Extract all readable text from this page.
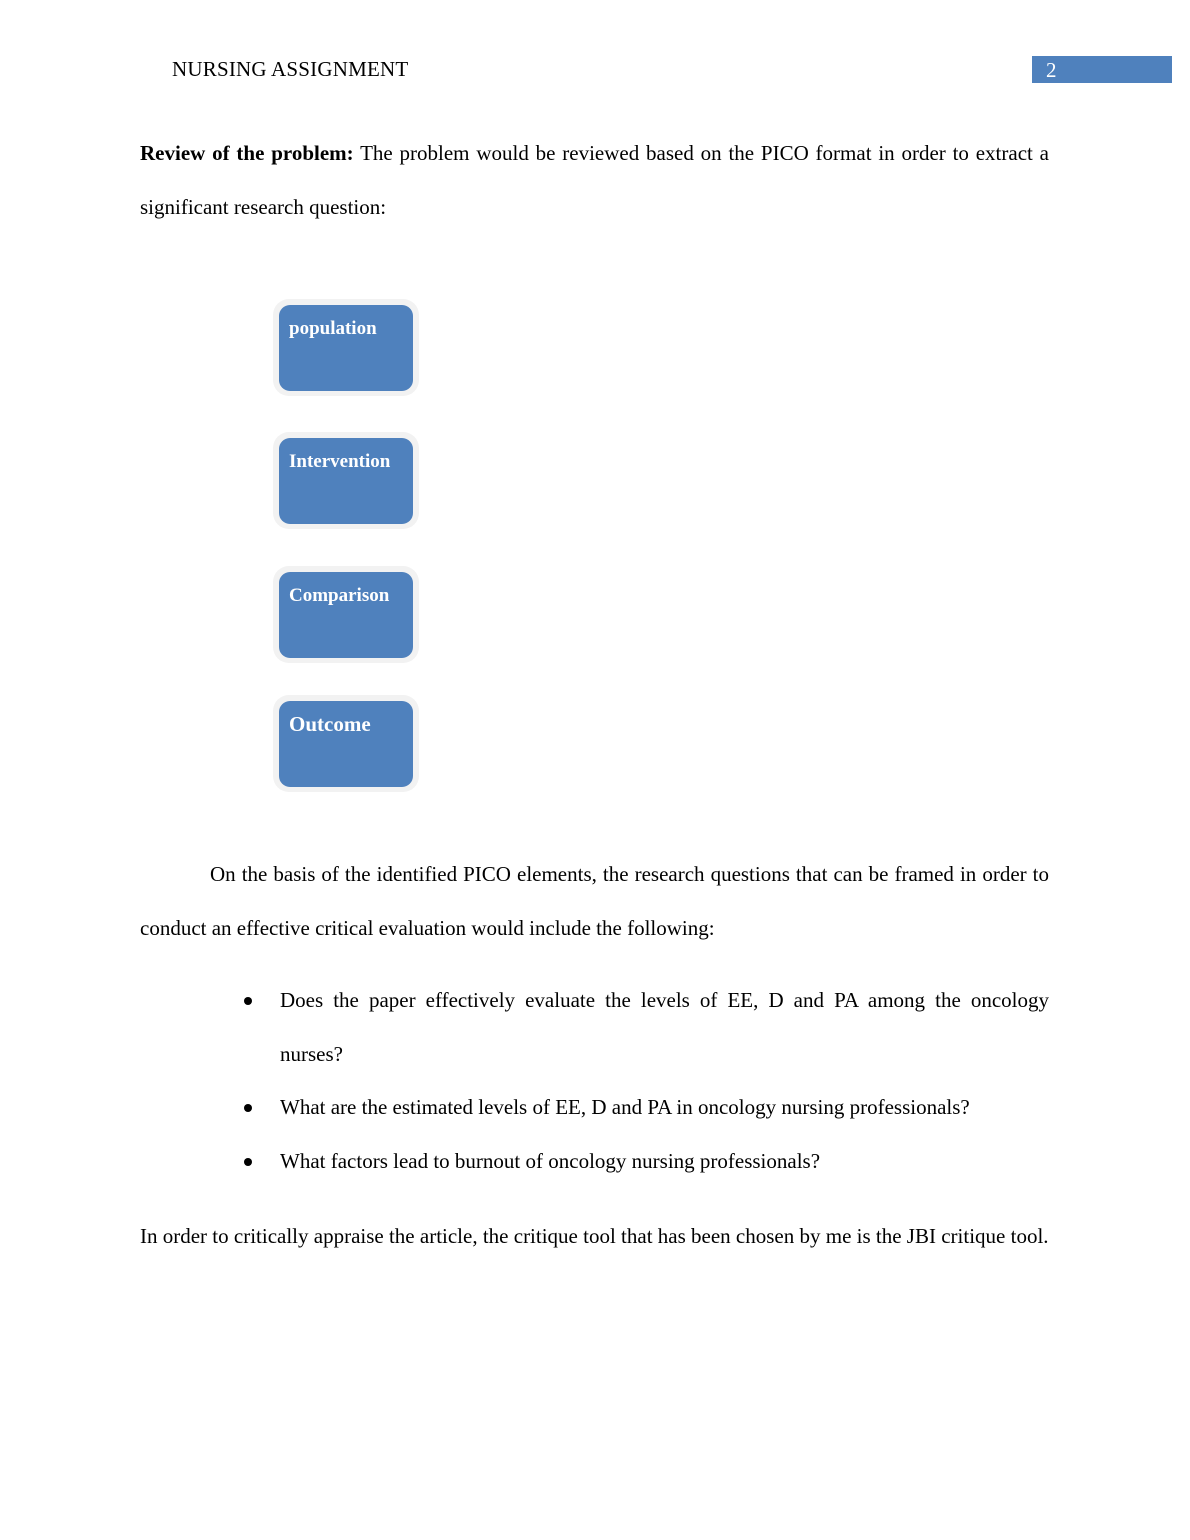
NURSING ASSIGNMENT	2

Review of the problem: The problem would be reviewed based on the PICO format in order to extract a significant research question:

population
Intervention
Comparison
Outcome

On the basis of the identified PICO elements, the research questions that can be framed in order to conduct an effective critical evaluation would include the following:

Does the paper effectively evaluate the levels of EE, D and PA among the oncology nurses?
What are the estimated levels of EE, D and PA in oncology nursing professionals?
What factors lead to burnout of oncology nursing professionals?

In order to critically appraise the article, the critique tool that has been chosen by me is the JBI critique tool.
